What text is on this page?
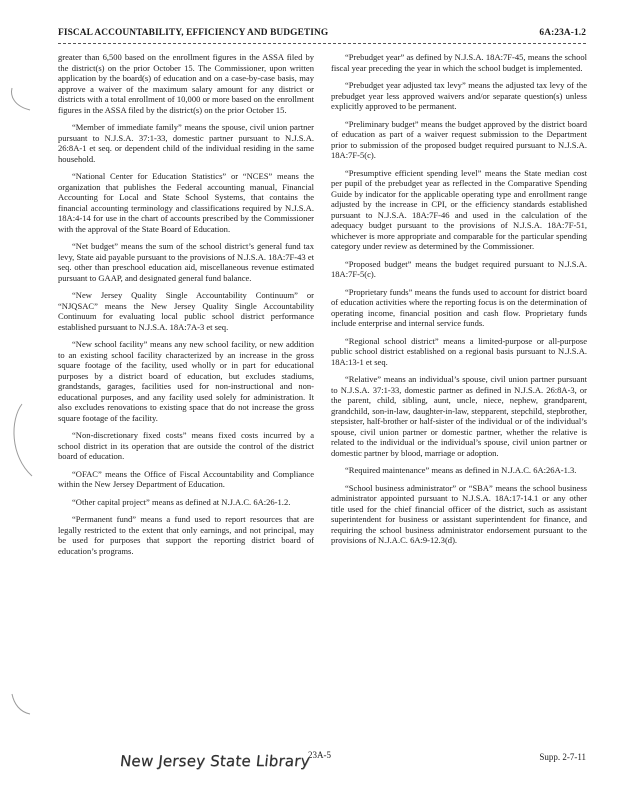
FISCAL ACCOUNTABILITY, EFFICIENCY AND BUDGETING	6A:23A-1.2

greater than 6,500 based on the enrollment figures in the ASSA filed by the district(s) on the prior October 15. The Commissioner, upon written application by the board(s) of education and on a case-by-case basis, may approve a waiver of the maximum salary amount for any district or districts with a total enrollment of 10,000 or more based on the enrollment figures in the ASSA filed by the district(s) on the prior October 15.

“Member of immediate family” means the spouse, civil union partner pursuant to N.J.S.A. 37:1-33, domestic partner pursuant to N.J.S.A. 26:8A-1 et seq. or dependent child of the individual residing in the same household.

“National Center for Education Statistics” or “NCES” means the organization that publishes the Federal accounting manual, Financial Accounting for Local and State School Systems, that contains the financial accounting terminology and classifications required by N.J.S.A. 18A:4-14 for use in the chart of accounts prescribed by the Commissioner with the approval of the State Board of Education.

“Net budget” means the sum of the school district’s general fund tax levy, State aid payable pursuant to the provisions of N.J.S.A. 18A:7F-43 et seq. other than preschool education aid, miscellaneous revenue estimated pursuant to GAAP, and designated general fund balance.

“New Jersey Quality Single Accountability Continuum” or “NJQSAC” means the New Jersey Quality Single Accountability Continuum for evaluating local public school district performance established pursuant to N.J.S.A. 18A:7A-3 et seq.

“New school facility” means any new school facility, or new addition to an existing school facility characterized by an increase in the gross square footage of the facility, used wholly or in part for educational purposes by a district board of education, but excludes stadiums, grandstands, garages, facilities used for non-instructional and non-educational purposes, and any facility used solely for administration. It also excludes renovations to existing space that do not increase the gross square footage of the facility.

“Non-discretionary fixed costs” means fixed costs incurred by a school district in its operation that are outside the control of the district board of education.

“OFAC” means the Office of Fiscal Accountability and Compliance within the New Jersey Department of Education.

“Other capital project” means as defined at N.J.A.C. 6A:26-1.2.

“Permanent fund” means a fund used to report resources that are legally restricted to the extent that only earnings, and not principal, may be used for purposes that support the reporting district board of education’s programs.

“Prebudget year” as defined by N.J.S.A. 18A:7F-45, means the school fiscal year preceding the year in which the school budget is implemented.

“Prebudget year adjusted tax levy” means the adjusted tax levy of the prebudget year less approved waivers and/or separate question(s) unless explicitly approved to be permanent.

“Preliminary budget” means the budget approved by the district board of education as part of a waiver request submission to the Department prior to submission of the proposed budget required pursuant to N.J.S.A. 18A:7F-5(c).

“Presumptive efficient spending level” means the State median cost per pupil of the prebudget year as reflected in the Comparative Spending Guide by indicator for the applicable operating type and enrollment range adjusted by the increase in CPI, or the efficiency standards established pursuant to N.J.S.A. 18A:7F-46 and used in the calculation of the adequacy budget pursuant to the provisions of N.J.S.A. 18A:7F-51, whichever is more appropriate and comparable for the particular spending category under review as determined by the Commissioner.

“Proposed budget” means the budget required pursuant to N.J.S.A. 18A:7F-5(c).

“Proprietary funds” means the funds used to account for district board of education activities where the reporting focus is on the determination of operating income, financial position and cash flow. Proprietary funds include enterprise and internal service funds.

“Regional school district” means a limited-purpose or all-purpose public school district established on a regional basis pursuant to N.J.S.A. 18A:13-1 et seq.

“Relative” means an individual’s spouse, civil union partner pursuant to N.J.S.A. 37:1-33, domestic partner as defined in N.J.S.A. 26:8A-3, or the parent, child, sibling, aunt, uncle, niece, nephew, grandparent, grandchild, son-in-law, daughter-in-law, stepparent, stepchild, stepbrother, stepsister, half-brother or half-sister of the individual or of the individual’s spouse, civil union partner or domestic partner, whether the relative is related to the individual or the individual’s spouse, civil union partner or domestic partner by blood, marriage or adoption.

“Required maintenance” means as defined in N.J.A.C. 6A:26A-1.3.

“School business administrator” or “SBA” means the school business administrator appointed pursuant to N.J.S.A. 18A:17-14.1 or any other title used for the chief financial officer of the district, such as assistant superintendent for business or assistant superintendent for finance, and requiring the school business administrator endorsement pursuant to the provisions of N.J.A.C. 6A:9-12.3(d).

New Jersey State Library
23A-5	Supp. 2-7-11
